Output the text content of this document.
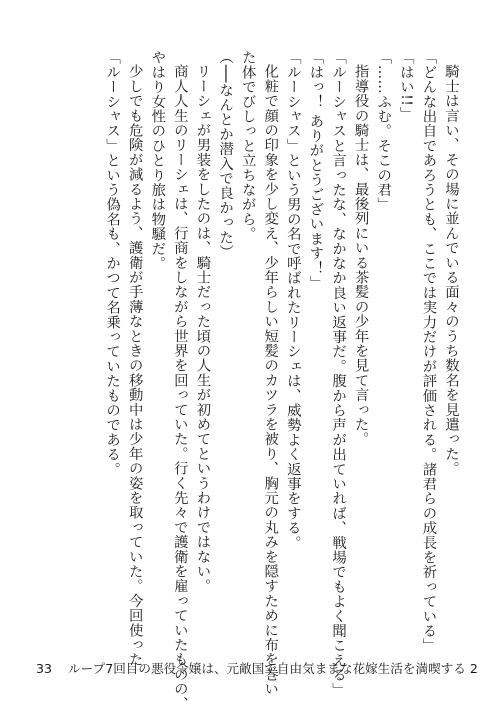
騎士は言い、その場に並んでいる面々のうち数名を見遣った。
「どんな出自であろうとも、ここでは実力だけが評価される。諸君らの成長を祈っている」
「はい!!」
「……ふむ。そこの君」
指導役の騎士は、最後列にいる茶髪の少年を見て言った。
「ルーシャスと言ったな、なかなか良い返事だ。腹から声が出ていれば、戦場でもよく聞こえる」
「はっ！ ありがとうございます！」
「ルーシャス」という男の名で呼ばれたリーシェは、威勢よく返事をする。
化粧で顔の印象を少し変え、少年らしい短髪のカツラを被り、胸元の丸みを隠すために布を巻い
た体でびしっと立ちながら。
（──なんとか潜入で良かった）
リーシェが男装をしたのは、騎士だった頃の人生が初めてというわけではない。
商人人生のリーシェは、行商をしながら世界を回っていた。行く先々で護衛を雇っていたものの、
やはり女性のひとり旅は物騒だ。
少しでも危険が減るよう、護衛が手薄なときの移動中は少年の姿を取っていた。今回使った
「ルーシャス」という偽名も、かつて名乗っていたものである。
33 ループ7回目の悪役令嬢は、元敵国で自由気ままな花嫁生活を満喫する 2
